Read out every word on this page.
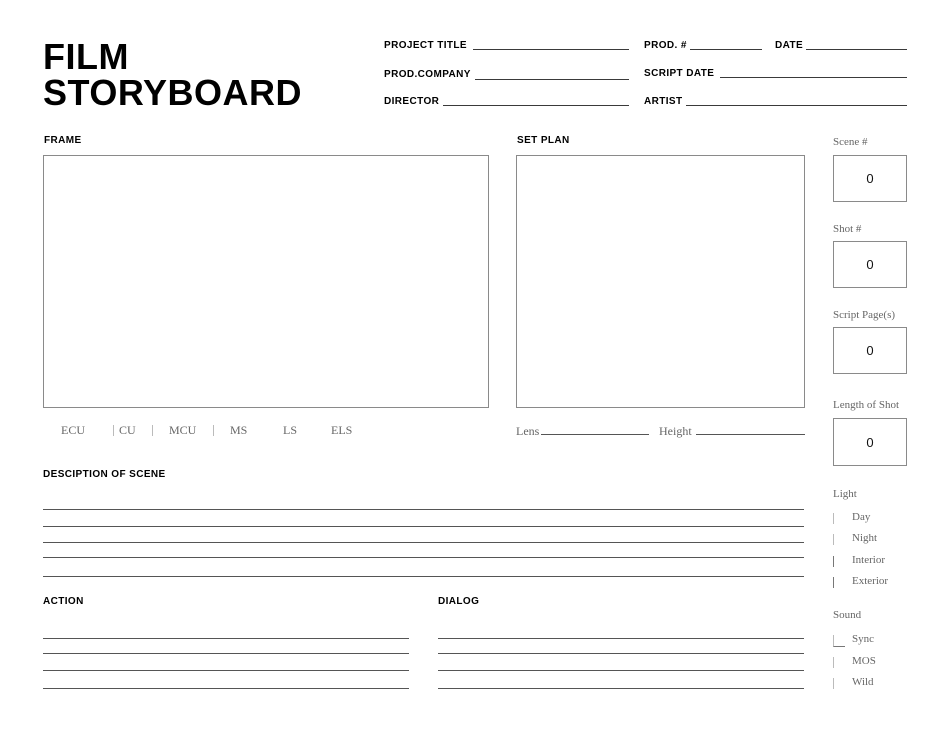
FILM
STORYBOARD
PROJECT TITLE	PROD. #	DATE
PROD.COMPANY	SCRIPT DATE
DIRECTOR	ARTIST
FRAME
ECU	CU	MCU	MS	LS	ELS
SET PLAN
Lens	Height
DESCIPTION OF SCENE
ACTION	DIALOG
Scene #
0
Shot #
0
Script Page(s)
0
Length of Shot
0
Light
Day
Night
Interior
Exterior
Sound
Sync
MOS
Wild
